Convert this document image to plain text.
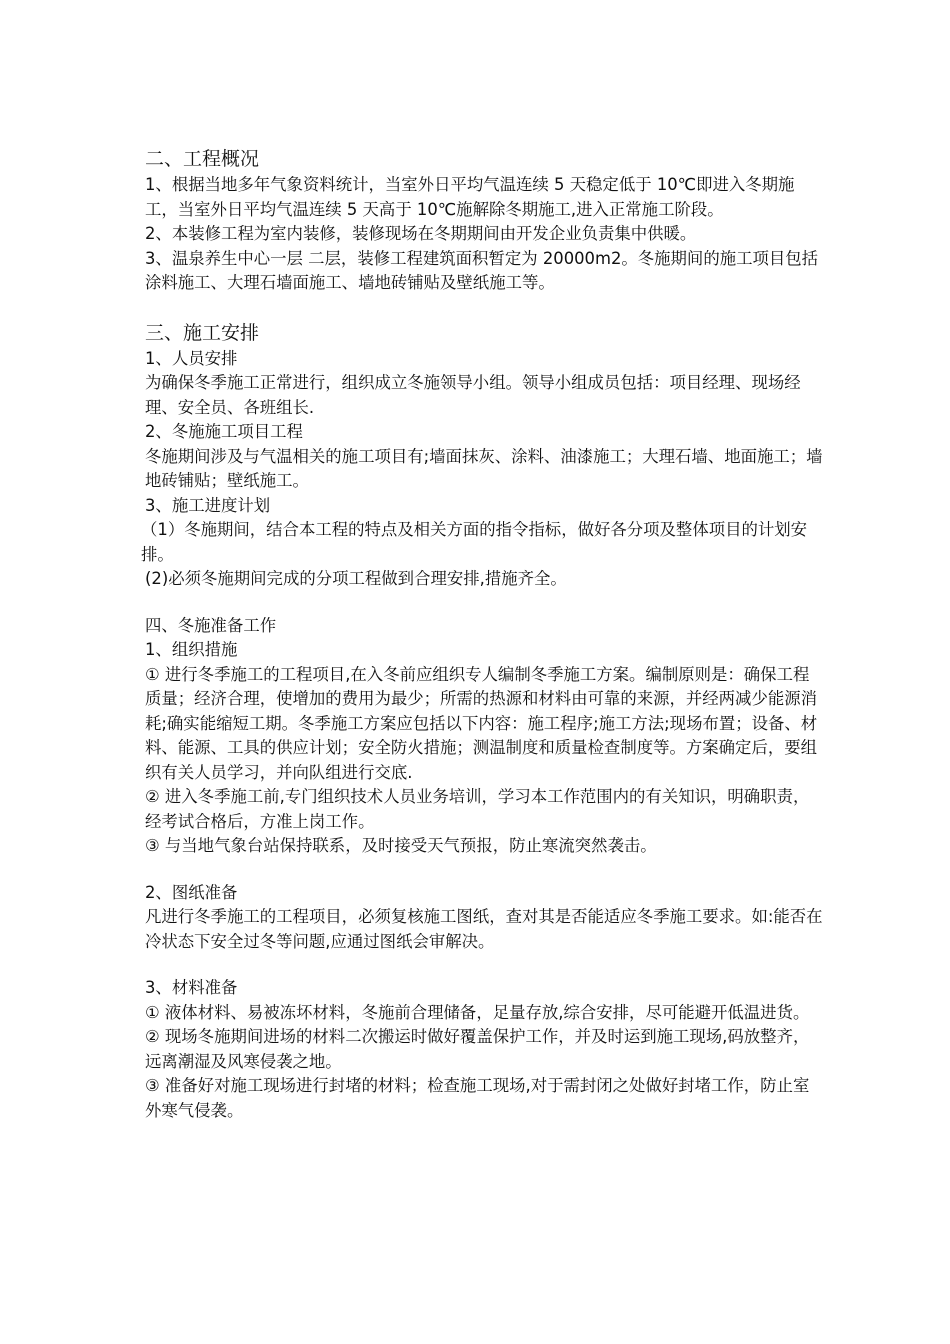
二、工程概况

1、根据当地多年气象资料统计，当室外日平均气温连续 5 天稳定低于 10℃即进入冬期施工，当室外日平均气温连续 5 天高于 10℃施解除冬期施工,进入正常施工阶段。

2、本装修工程为室内装修，装修现场在冬期期间由开发企业负责集中供暖。

3、温泉养生中心一层 二层，装修工程建筑面积暂定为 20000m2。冬施期间的施工项目包括涂料施工、大理石墙面施工、墙地砖铺贴及壁纸施工等。

三、施工安排

1、人员安排

为确保冬季施工正常进行，组织成立冬施领导小组。领导小组成员包括：项目经理、现场经理、安全员、各班组长.

2、冬施施工项目工程

冬施期间涉及与气温相关的施工项目有;墙面抹灰、涂料、油漆施工；大理石墙、地面施工；墙地砖铺贴；壁纸施工。

3、施工进度计划

（1）冬施期间，结合本工程的特点及相关方面的指令指标，做好各分项及整体项目的计划安排。

(2)必须冬施期间完成的分项工程做到合理安排,措施齐全。

四、冬施准备工作

1、组织措施

① 进行冬季施工的工程项目,在入冬前应组织专人编制冬季施工方案。编制原则是：确保工程质量；经济合理，使增加的费用为最少；所需的热源和材料由可靠的来源，并经两减少能源消耗;确实能缩短工期。冬季施工方案应包括以下内容：施工程序;施工方法;现场布置；设备、材料、能源、工具的供应计划；安全防火措施；测温制度和质量检查制度等。方案确定后，要组织有关人员学习，并向队组进行交底.

② 进入冬季施工前,专门组织技术人员业务培训，学习本工作范围内的有关知识，明确职责，经考试合格后，方准上岗工作。

③ 与当地气象台站保持联系，及时接受天气预报，防止寒流突然袭击。

2、图纸准备

凡进行冬季施工的工程项目，必须复核施工图纸，查对其是否能适应冬季施工要求。如:能否在冷状态下安全过冬等问题,应通过图纸会审解决。

3、材料准备

① 液体材料、易被冻坏材料，冬施前合理储备，足量存放,综合安排，尽可能避开低温进货。

② 现场冬施期间进场的材料二次搬运时做好覆盖保护工作，并及时运到施工现场,码放整齐，远离潮湿及风寒侵袭之地。

③ 准备好对施工现场进行封堵的材料；检查施工现场,对于需封闭之处做好封堵工作，防止室外寒气侵袭。
